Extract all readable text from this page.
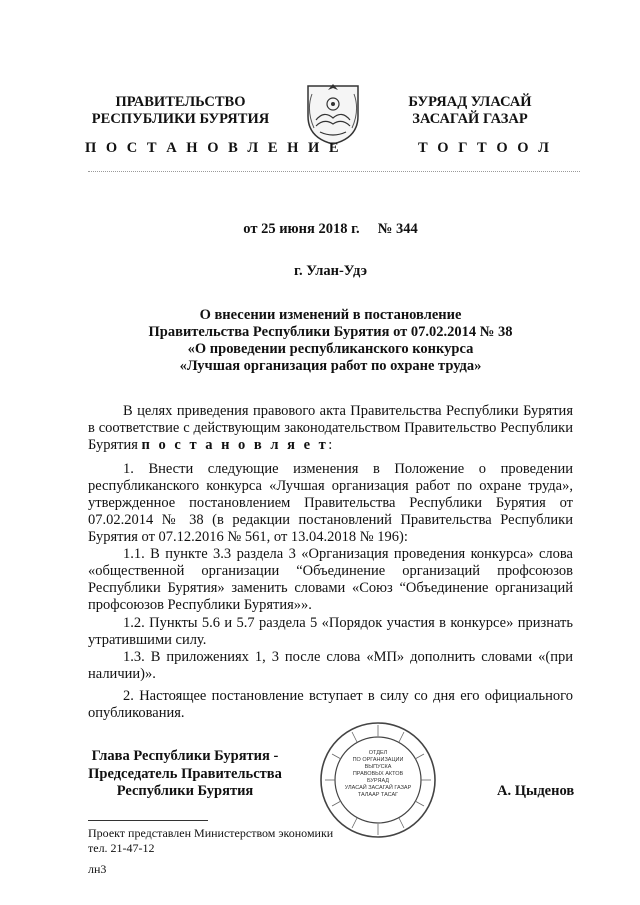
ПРАВИТЕЛЬСТВО
РЕСПУБЛИКИ БУРЯТИЯ
БУРЯАД УЛАСАЙ
ЗАСАГАЙ ГАЗАР
П О С Т А Н О В Л Е Н И Е	Т О Г Т О О Л
от 25 июня 2018 г.     № 344
г. Улан-Удэ
О внесении изменений в постановление
Правительства Республики Бурятия от 07.02.2014 № 38
«О проведении республиканского конкурса
«Лучшая организация работ по охране труда»
В целях приведения правового акта Правительства Республики Бурятия в соответствие с действующим законодательством Правительство Республики Бурятия п о с т а н о в л я е т:
1. Внести следующие изменения в Положение о проведении республиканского конкурса «Лучшая организация работ по охране труда», утвержденное постановлением Правительства Республики Бурятия от 07.02.2014 № 38 (в редакции постановлений Правительства Республики Бурятия от 07.12.2016 № 561, от 13.04.2018 № 196):
1.1. В пункте 3.3 раздела 3 «Организация проведения конкурса» слова «общественной организации “Объединение организаций профсоюзов Республики Бурятия» заменить словами «Союз “Объединение организаций профсоюзов Республики Бурятия»».
1.2. Пункты 5.6 и 5.7 раздела 5 «Порядок участия в конкурсе» признать утратившими силу.
1.3. В приложениях 1, 3 после слова «МП» дополнить словами «(при наличии)».
2. Настоящее постановление вступает в силу со дня его официального опубликования.
Глава Республики Бурятия -
Председатель Правительства
Республики Бурятия	А. Цыденов
ОТДЕЛ
ПО ОРГАНИЗАЦИИ
ВЫПУСКА
ПРАВОВЫХ АКТОВ
БУРЯАД
УЛАСАЙ ЗАСАГАЙ ГАЗАР
ТАЛААР ТАСАГ
Проект представлен Министерством экономики
тел. 21-47-12
лн3
